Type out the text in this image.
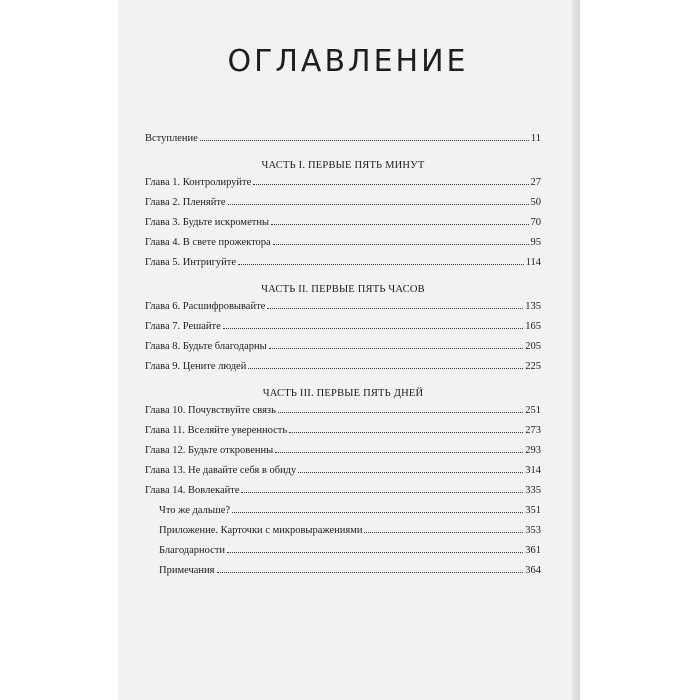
ОГЛАВЛЕНИЕ
Вступление	11
ЧАСТЬ I. ПЕРВЫЕ ПЯТЬ МИНУТ
Глава 1. Контролируйте	27
Глава 2. Пленяйте	50
Глава 3. Будьте искрометны	70
Глава 4. В свете прожектора	95
Глава 5. Интригуйте	114
ЧАСТЬ II. ПЕРВЫЕ ПЯТЬ ЧАСОВ
Глава 6. Расшифровывайте	135
Глава 7. Решайте	165
Глава 8. Будьте благодарны	205
Глава 9. Цените людей	225
ЧАСТЬ III. ПЕРВЫЕ ПЯТЬ ДНЕЙ
Глава 10. Почувствуйте связь	251
Глава 11. Вселяйте уверенность	273
Глава 12. Будьте откровенны	293
Глава 13. Не давайте себя в обиду	314
Глава 14. Вовлекайте	335
Что же дальше?	351
Приложение. Карточки с микровыражениями	353
Благодарности	361
Примечания	364
